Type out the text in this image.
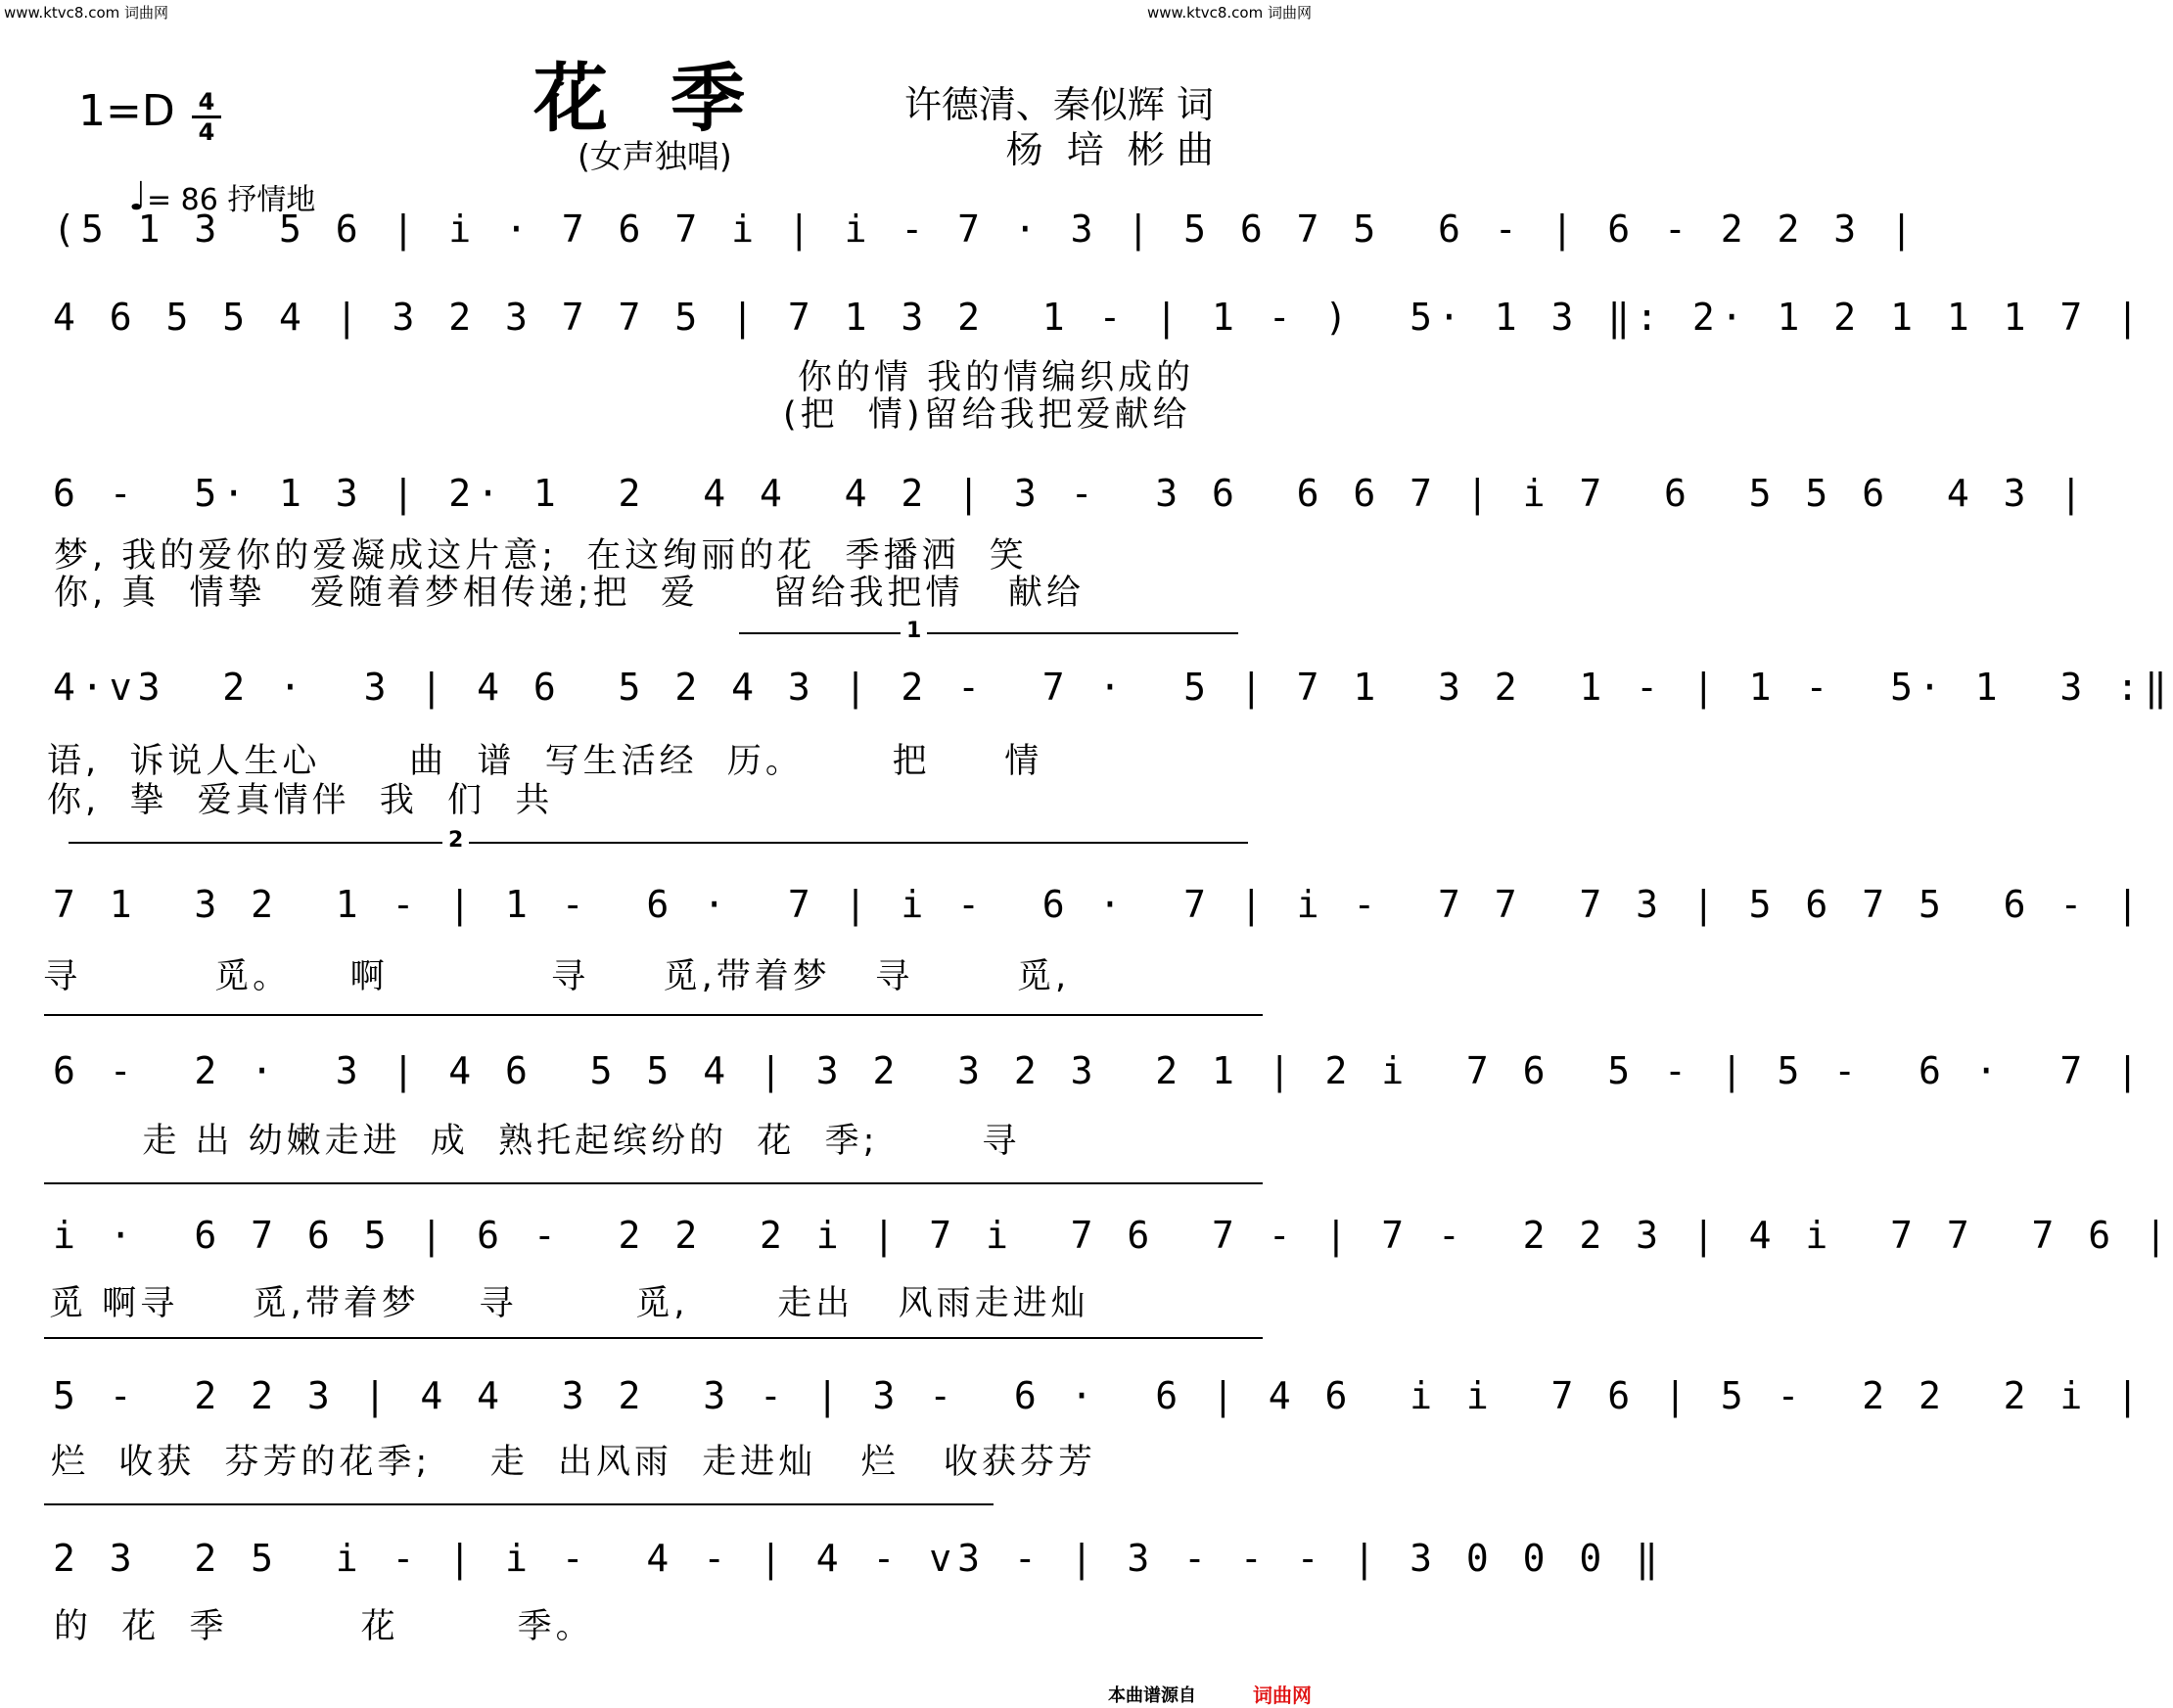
www.ktvc8.com 词曲网	www.ktvc8.com 词曲网
1=D 4
4

♩= 86 抒情地

花季
(女声独唱)
许德清、秦似辉 词
杨  培  彬 曲
(5 1 3  5 6 | i · 7 6 7 i | i - 7 · 3 | 5 6 7 5  6 - | 6 - 2 2 3 |
4 6 5 5 4 | 3 2 3 7 7 5 | 7 1 3 2  1 - | 1 - )  5· 1 3 ‖: 2· 1 2 1 1 1 7 |
你的情 我的情编织成的
(把  情)留给我把爱献给
6 -  5· 1 3 | 2· 1  2  4 4  4 2 | 3 -  3 6  6 6 7 | i 7  6  5 5 6  4 3 |
梦, 我的爱你的爱凝成这片意;  在这绚丽的花  季播洒  笑
你, 真  情挚   爱随着梦相传递;把  爱     留给我把情   献给
1
4·v3  2 ·  3 | 4 6  5 2 4 3 | 2 -  7 ·  5 | 7 1  3 2  1 - | 1 -  5· 1  3 :‖
语,  诉说人生心      曲  谱  写生活经  历。      把     情
你,  挚  爱真情伴  我  们  共
2
7 1  3 2  1 - | 1 -  6 ·  7 | i -  6 ·  7 | i -  7 7  7 3 | 5 6 7 5  6 - |
寻         觅。    啊           寻     觅,带着梦   寻       觅,
6 -  2 ·  3 | 4 6  5 5 4 | 3 2  3 2 3  2 1 | 2 i  7 6  5 - | 5 -  6 ·  7 |
走 出 幼嫩走进  成  熟托起缤纷的  花  季;       寻
i ·  6 7 6 5 | 6 -  2 2  2 i | 7 i  7 6  7 - | 7 -  2 2 3 | 4 i  7 7  7 6 |
觅 啊寻     觅,带着梦    寻        觅,      走出   风雨走进灿
5 -  2 2 3 | 4 4  3 2  3 - | 3 -  6 ·  6 | 4 6  i i  7 6 | 5 -  2 2  2 i |
烂  收获  芬芳的花季;    走  出风雨  走进灿   烂   收获芬芳
2 3  2 5  i - | i -  4 - | 4 - v3 - | 3 - - - | 3 0 0 0 ‖
的  花  季         花        季。
本曲谱源自	词曲网
